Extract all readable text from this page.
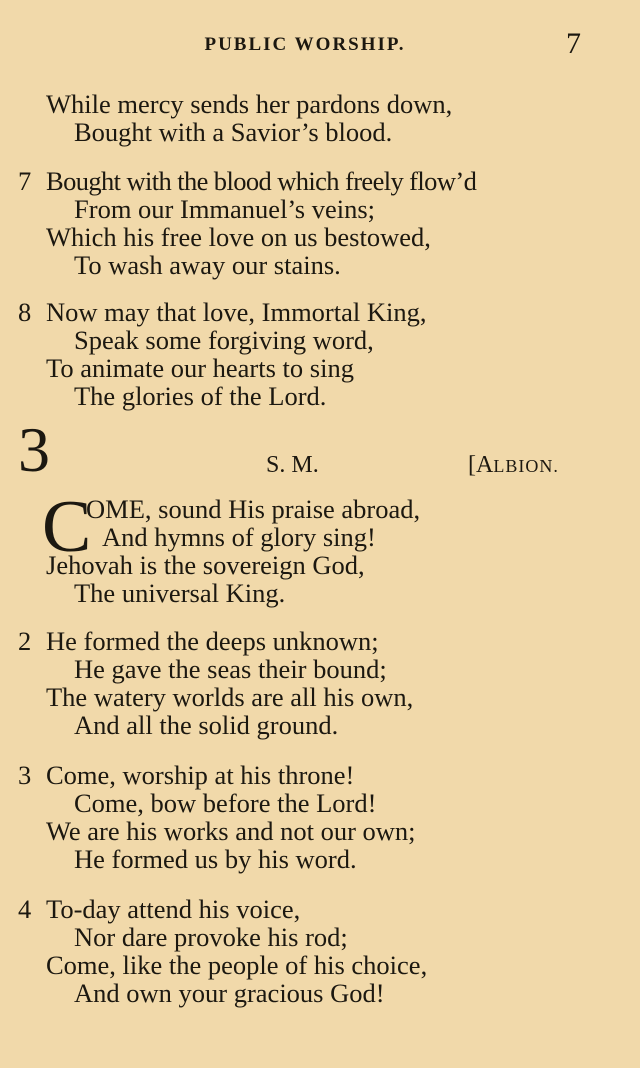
PUBLIC WORSHIP.	7
While mercy sends her pardons down,
Bought with a Savior’s blood.
7 Bought with the blood which freely flow’d
From our Immanuel’s veins;
Which his free love on us bestowed,
To wash away our stains.
8 Now may that love, Immortal King,
Speak some forgiving word,
To animate our hearts to sing
The glories of the Lord.
3	S. M.	[ALBION.
C
OME, sound His praise abroad,
And hymns of glory sing!
Jehovah is the sovereign God,
The universal King.
2 He formed the deeps unknown;
He gave the seas their bound;
The watery worlds are all his own,
And all the solid ground.
3 Come, worship at his throne!
Come, bow before the Lord!
We are his works and not our own;
He formed us by his word.
4 To-day attend his voice,
Nor dare provoke his rod;
Come, like the people of his choice,
And own your gracious God!
